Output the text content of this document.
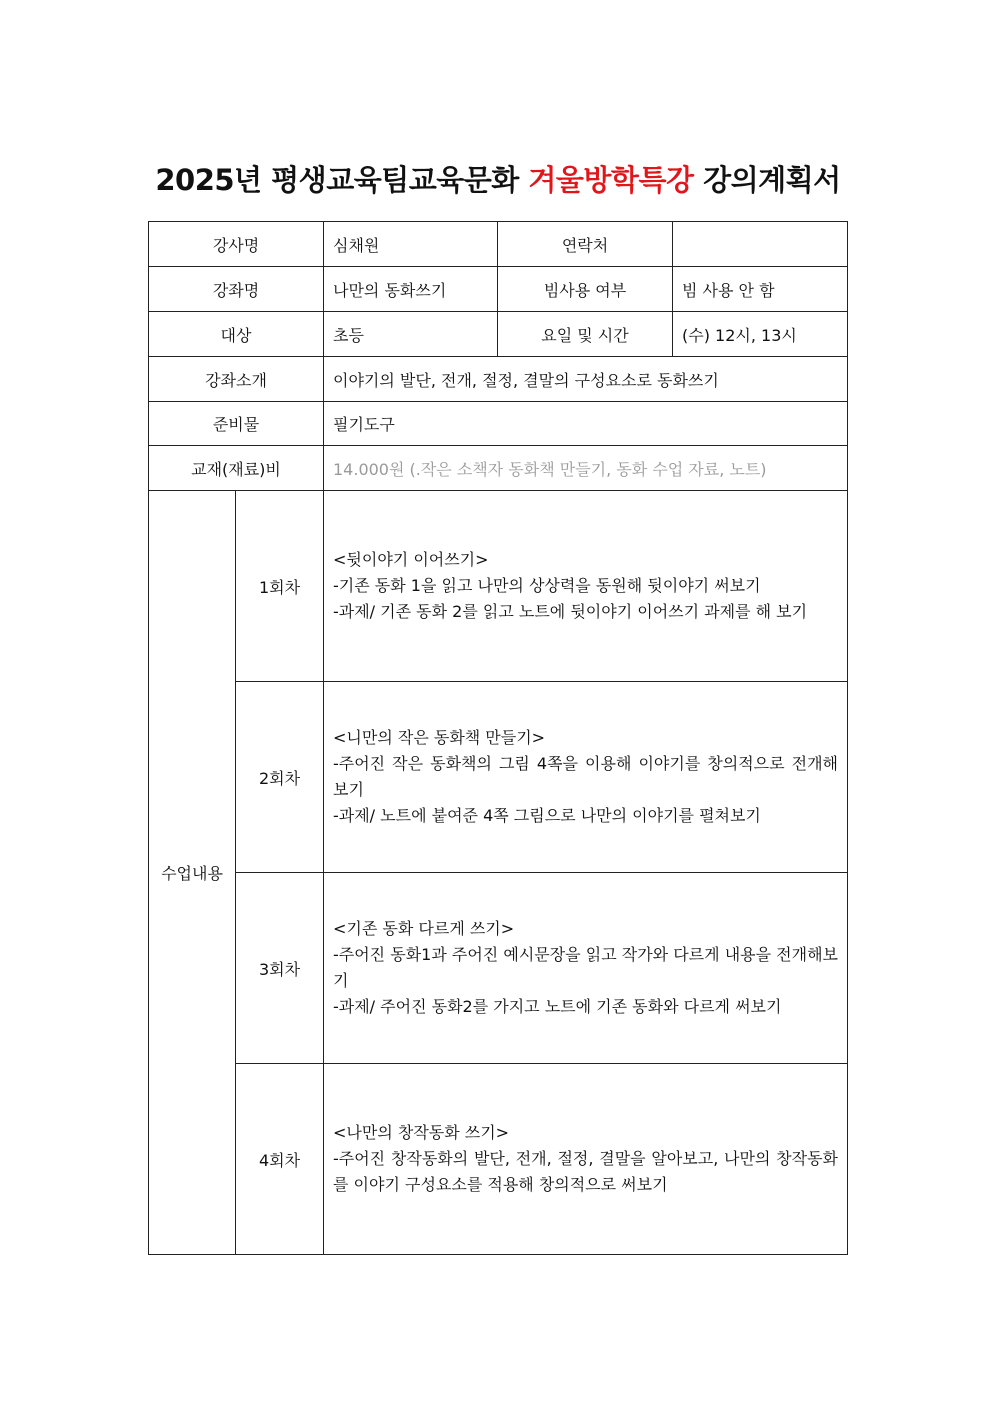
2025년 평생교육팀교육문화 겨울방학특강 강의계획서
강사명		심채원	연락처	
강좌명		나만의 동화쓰기	빔사용 여부	빔 사용 안 함
대상		초등	요일 및 시간	(수) 12시, 13시
강좌소개		이야기의 발단, 전개, 절정, 결말의 구성요소로 동화쓰기		
준비물		필기도구		
교재(재료)비		14.000원 (.작은 소책자 동화책 만들기, 동화 수업 자료, 노트)		
수업내용	1회차	<뒷이야기 이어쓰기>
-기존 동화 1을 읽고 나만의 상상력을 동원해 뒷이야기 써보기
-과제/ 기존 동화 2를 읽고 노트에 뒷이야기 이어쓰기 과제를 해 보기		

	2회차	<니만의 작은 동화책 만들기>
-주어진 작은 동화책의 그림 4쪽을 이용해 이야기를 창의적으로 전개해 보기
-과제/ 노트에 붙여준 4쪽 그림으로 나만의 이야기를 펼쳐보기		

	3회차	<기존 동화 다르게 쓰기>
-주어진 동화1과 주어진 예시문장을 읽고 작가와 다르게 내용을 전개해보기
-과제/ 주어진 동화2를 가지고 노트에 기존 동화와 다르게 써보기		

	4회차	<나만의 창작동화 쓰기>
-주어진 창작동화의 발단, 전개, 절정, 결말을 알아보고, 나만의 창작동화를 이야기 구성요소를 적용해 창의적으로 써보기		
